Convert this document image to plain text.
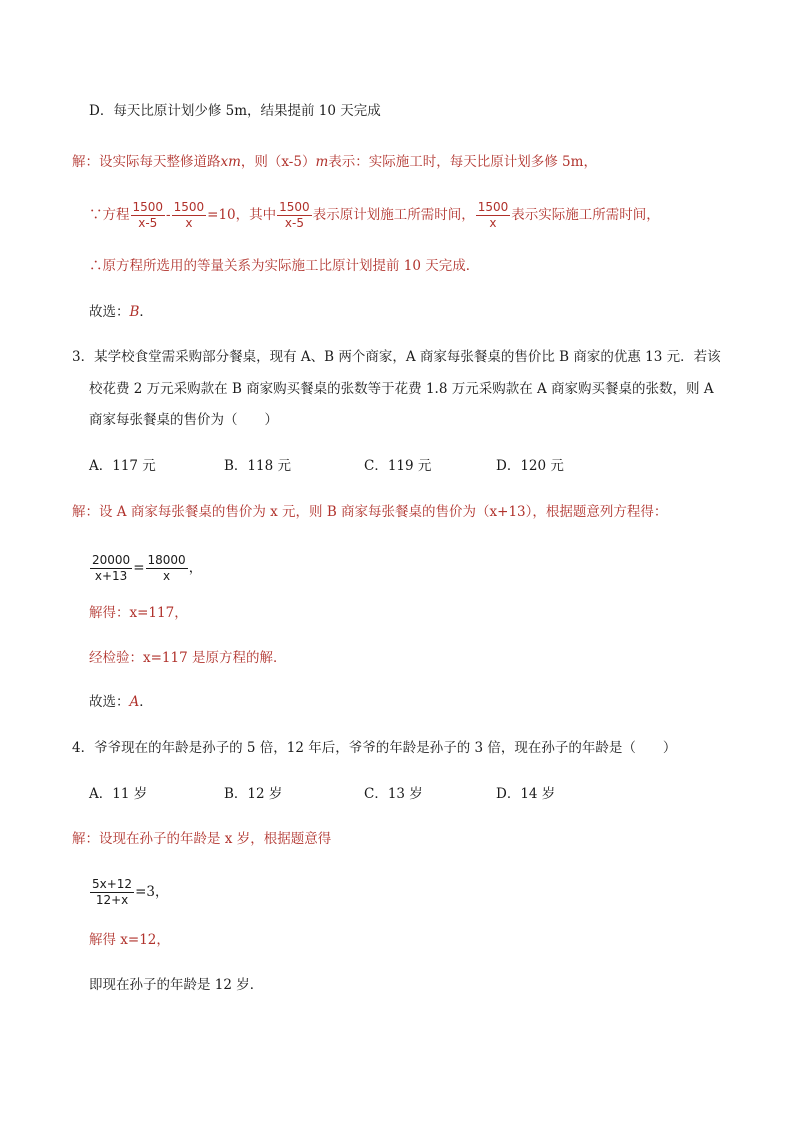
D．每天比原计划少修 5m，结果提前 10 天完成
解：设实际每天整修道路xm，则（x-5）m表示：实际施工时，每天比原计划多修 5m，
∵方程 $\frac{1500}{x-5} - \frac{1500}{x} =10$，其中 $\frac{1500}{x-5}$ 表示原计划施工所需时间， $\frac{1500}{x}$ 表示实际施工所需时间，
∴原方程所选用的等量关系为实际施工比原计划提前 10 天完成．
故选：B．
3．某学校食堂需采购部分餐桌，现有 A、B 两个商家，A 商家每张餐桌的售价比 B 商家的优惠 13 元．若该
校花费 2 万元采购款在 B 商家购买餐桌的张数等于花费 1.8 万元采购款在 A 商家购买餐桌的张数，则 A
商家每张餐桌的售价为（　　）
A．117 元	B．118 元	C．119 元	D．120 元
解：设 A 商家每张餐桌的售价为 x 元，则 B 商家每张餐桌的售价为（x+13），根据题意列方程得：
$\frac{20000}{x+13} = \frac{18000}{x}$ ，
解得：x=117，
经检验：x=117 是原方程的解．
故选：A．
4．爷爷现在的年龄是孙子的 5 倍，12 年后，爷爷的年龄是孙子的 3 倍，现在孙子的年龄是（　　）
A．11 岁	B．12 岁	C．13 岁	D．14 岁
解：设现在孙子的年龄是 x 岁，根据题意得
$\frac{5x+12}{12+x} =3$，
解得 x=12，
即现在孙子的年龄是 12 岁．
